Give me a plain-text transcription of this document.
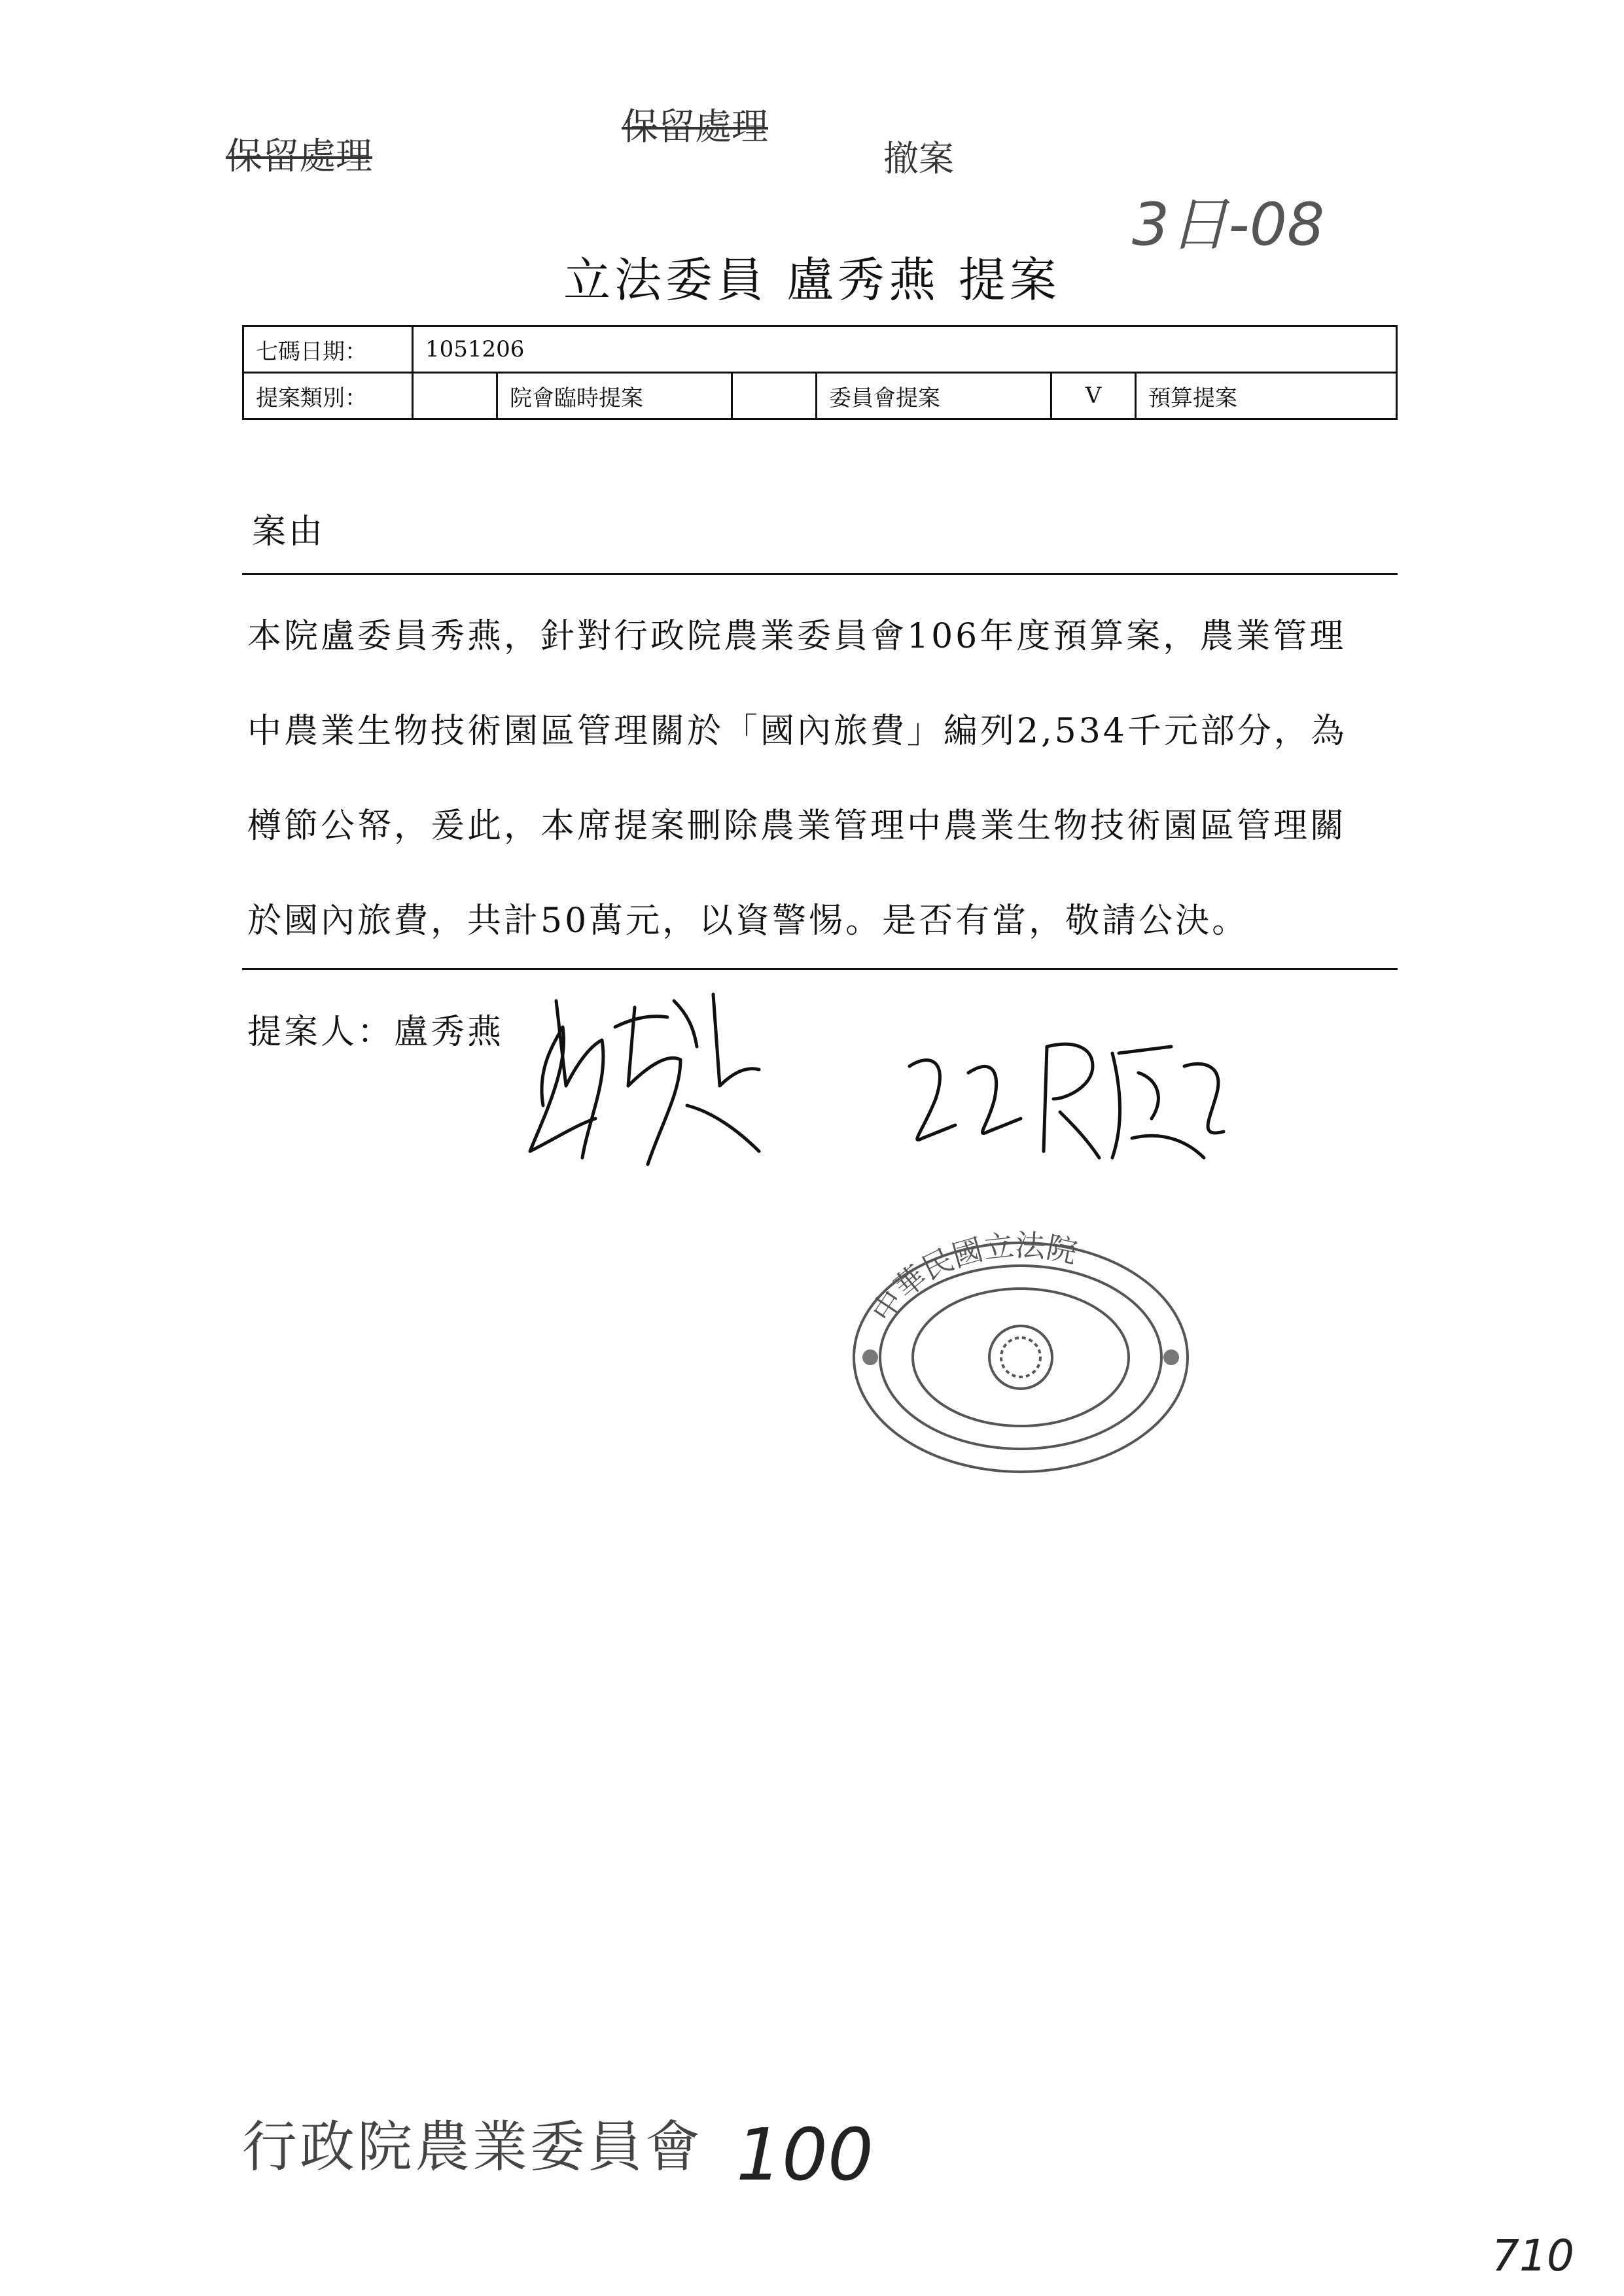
保留處理
保留處理
撤案
3日-08
立法委員 盧秀燕 提案
七碼日期：	1051206					
提案類別：		院會臨時提案		委員會提案	V	預算提案
案由
本院盧委員秀燕，針對行政院農業委員會106年度預算案，農業管理
中農業生物技術園區管理關於「國內旅費」編列2,534千元部分，為
樽節公帑，爰此，本席提案刪除農業管理中農業生物技術園區管理關
於國內旅費，共計50萬元，以資警惕。是否有當，敬請公決。
提案人：盧秀燕
中華民國立法院
行政院農業委員會 100
710
